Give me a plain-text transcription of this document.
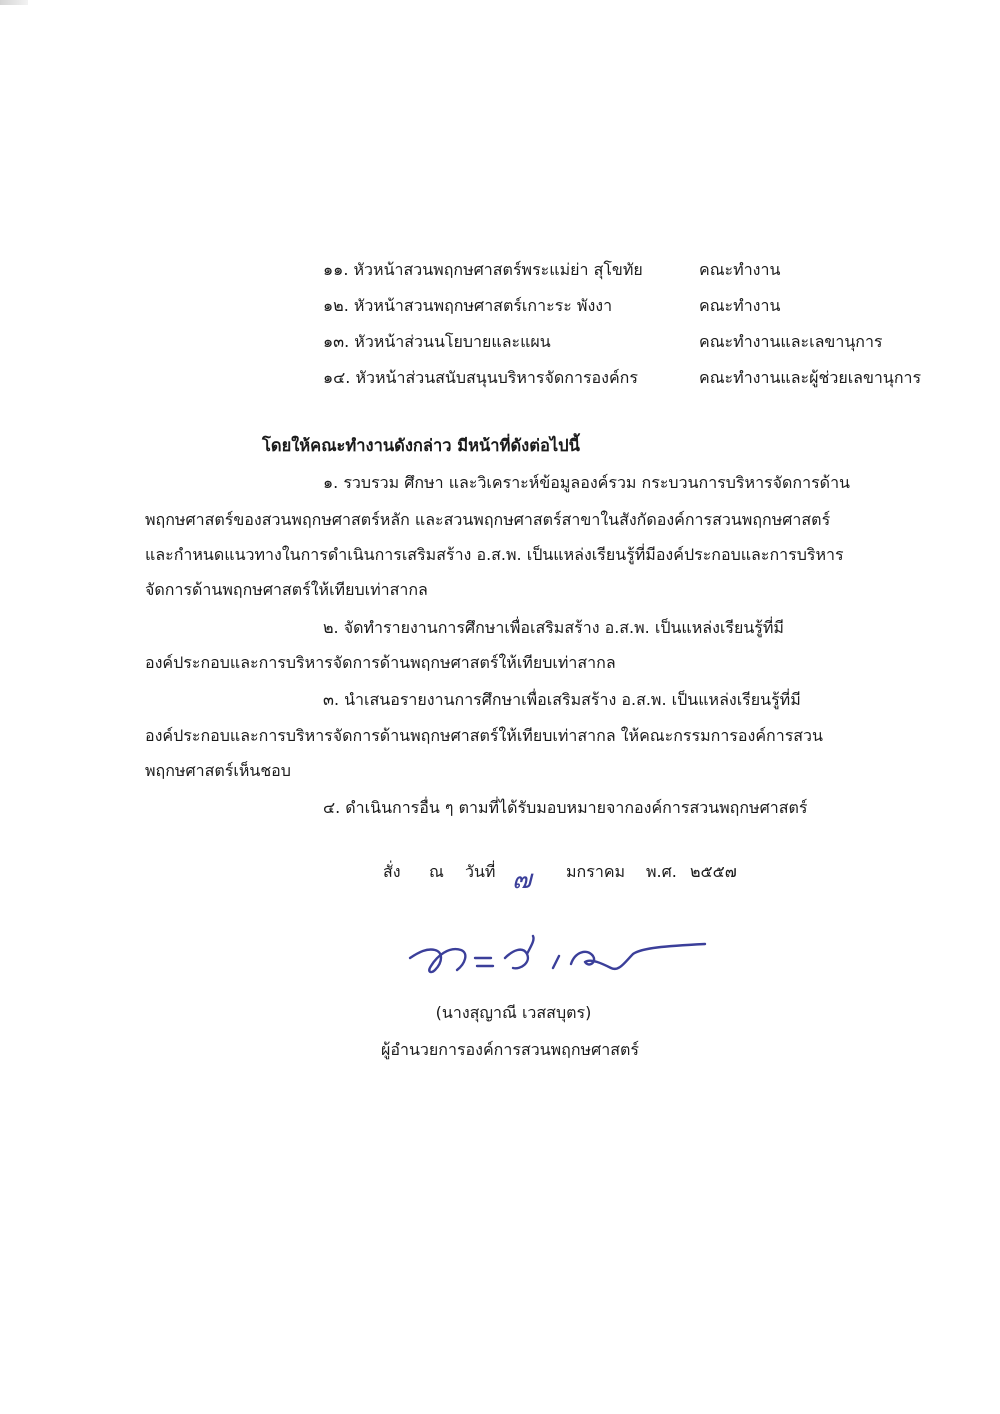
๑๑. หัวหน้าสวนพฤกษศาสตร์พระแม่ย่า สุโขทัย	คณะทำงาน
๑๒. หัวหน้าสวนพฤกษศาสตร์เกาะระ พังงา	คณะทำงาน
๑๓. หัวหน้าส่วนนโยบายและแผน	คณะทำงานและเลขานุการ
๑๔. หัวหน้าส่วนสนับสนุนบริหารจัดการองค์กร	คณะทำงานและผู้ช่วยเลขานุการ
โดยให้คณะทำงานดังกล่าว มีหน้าที่ดังต่อไปนี้
๑. รวบรวม ศึกษา และวิเคราะห์ข้อมูลองค์รวม กระบวนการบริหารจัดการด้าน
พฤกษศาสตร์ของสวนพฤกษศาสตร์หลัก และสวนพฤกษศาสตร์สาขาในสังกัดองค์การสวนพฤกษศาสตร์
และกำหนดแนวทางในการดำเนินการเสริมสร้าง อ.ส.พ. เป็นแหล่งเรียนรู้ที่มีองค์ประกอบและการบริหาร
จัดการด้านพฤกษศาสตร์ให้เทียบเท่าสากล
๒. จัดทำรายงานการศึกษาเพื่อเสริมสร้าง อ.ส.พ. เป็นแหล่งเรียนรู้ที่มี
องค์ประกอบและการบริหารจัดการด้านพฤกษศาสตร์ให้เทียบเท่าสากล
๓. นำเสนอรายงานการศึกษาเพื่อเสริมสร้าง อ.ส.พ. เป็นแหล่งเรียนรู้ที่มี
องค์ประกอบและการบริหารจัดการด้านพฤกษศาสตร์ให้เทียบเท่าสากล ให้คณะกรรมการองค์การสวน
พฤกษศาสตร์เห็นชอบ
๔. ดำเนินการอื่น ๆ ตามที่ได้รับมอบหมายจากองค์การสวนพฤกษศาสตร์
สั่ง ณ วันที่ ๗ มกราคม พ.ศ. ๒๕๕๗
(นางสุญาณี เวสสบุตร)
ผู้อำนวยการองค์การสวนพฤกษศาสตร์
